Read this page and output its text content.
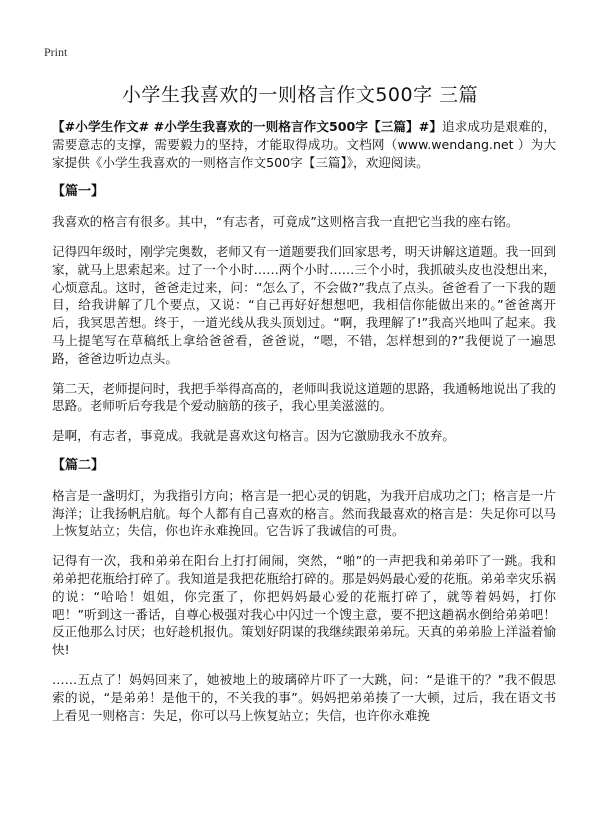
Print
小学生我喜欢的一则格言作文500字 三篇

【#小学生作文# #小学生我喜欢的一则格言作文500字【三篇】#】追求成功是艰难的，需要意志的支撑，需要毅力的坚持，才能取得成功。文档网（www.wendang.net ）为大家提供《小学生我喜欢的一则格言作文500字【三篇】》，欢迎阅读。

【篇一】

我喜欢的格言有很多。其中，“有志者，可竟成”这则格言我一直把它当我的座右铭。

记得四年级时，刚学完奥数，老师又有一道题要我们回家思考，明天讲解这道题。我一回到家，就马上思索起来。过了一个小时……两个小时……三个小时，我抓破头皮也没想出来，心烦意乱。这时，爸爸走过来，问：“怎么了，不会做?”我点了点头。爸爸看了一下我的题目，给我讲解了几个要点，又说：“自己再好好想想吧，我相信你能做出来的。”爸爸离开后，我冥思苦想。终于，一道光线从我头顶划过。“啊，我理解了!”我高兴地叫了起来。我马上提笔写在草稿纸上拿给爸爸看，爸爸说，“嗯，不错，怎样想到的?”我便说了一遍思路，爸爸边听边点头。

第二天，老师提问时，我把手举得高高的，老师叫我说这道题的思路，我通畅地说出了我的思路。老师听后夸我是个爱动脑筋的孩子，我心里美滋滋的。

是啊，有志者，事竟成。我就是喜欢这句格言。因为它激励我永不放弃。

【篇二】

格言是一盏明灯，为我指引方向；格言是一把心灵的钥匙，为我开启成功之门；格言是一片海洋；让我扬帆启航。每个人都有自己喜欢的格言。然而我最喜欢的格言是：失足你可以马上恢复站立；失信，你也许永难挽回。它告诉了我诚信的可贵。

记得有一次，我和弟弟在阳台上打打闹闹，突然，“啪”的一声把我和弟弟吓了一跳。我和弟弟把花瓶给打碎了。我知道是我把花瓶给打碎的。那是妈妈最心爱的花瓶。弟弟幸灾乐祸的说：“哈哈！姐姐，你完蛋了，你把妈妈最心爱的花瓶打碎了，就等着妈妈，打你吧！”听到这一番话，自尊心极强对我心中闪过一个馊主意，要不把这趟祸水倒给弟弟吧！反正他那么讨厌；也好趁机报仇。策划好阴谋的我继续跟弟弟玩。天真的弟弟脸上洋溢着愉快!

……五点了！妈妈回来了，她被地上的玻璃碎片吓了一大跳，问：“是谁干的？”我不假思索的说，“是弟弟！是他干的，不关我的事”。妈妈把弟弟揍了一大顿，过后，我在语文书上看见一则格言：失足，你可以马上恢复站立；失信，也许你永难挽
